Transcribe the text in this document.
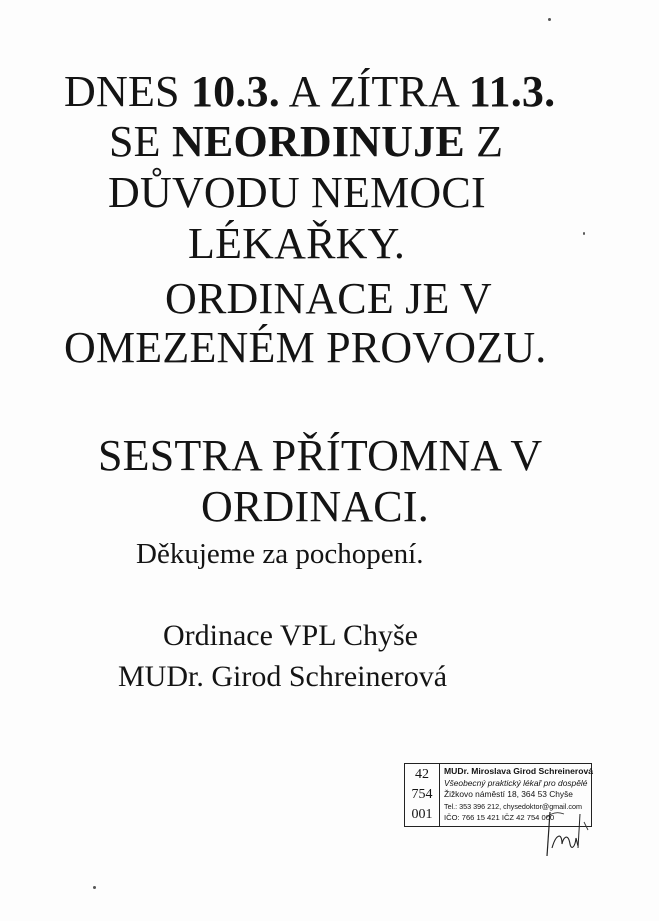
DNES 10.3. A ZÍTRA 11.3.
SE NEORDINUJE Z
DŮVODU NEMOCI
LÉKAŘKY.
ORDINACE JE V
OMEZENÉM PROVOZU.
SESTRA PŘÍTOMNA V
ORDINACI.
Děkujeme za pochopení.
Ordinace VPL Chyše
MUDr. Girod Schreinerová
42
754
001
MUDr. Miroslava Girod Schreinerová
Všeobecný praktický lékař pro dospělé
Žižkovo náměstí 18, 364 53 Chyše
Tel.: 353 396 212, chysedoktor@gmail.com
IČO: 766 15 421 IČZ 42 754 000
